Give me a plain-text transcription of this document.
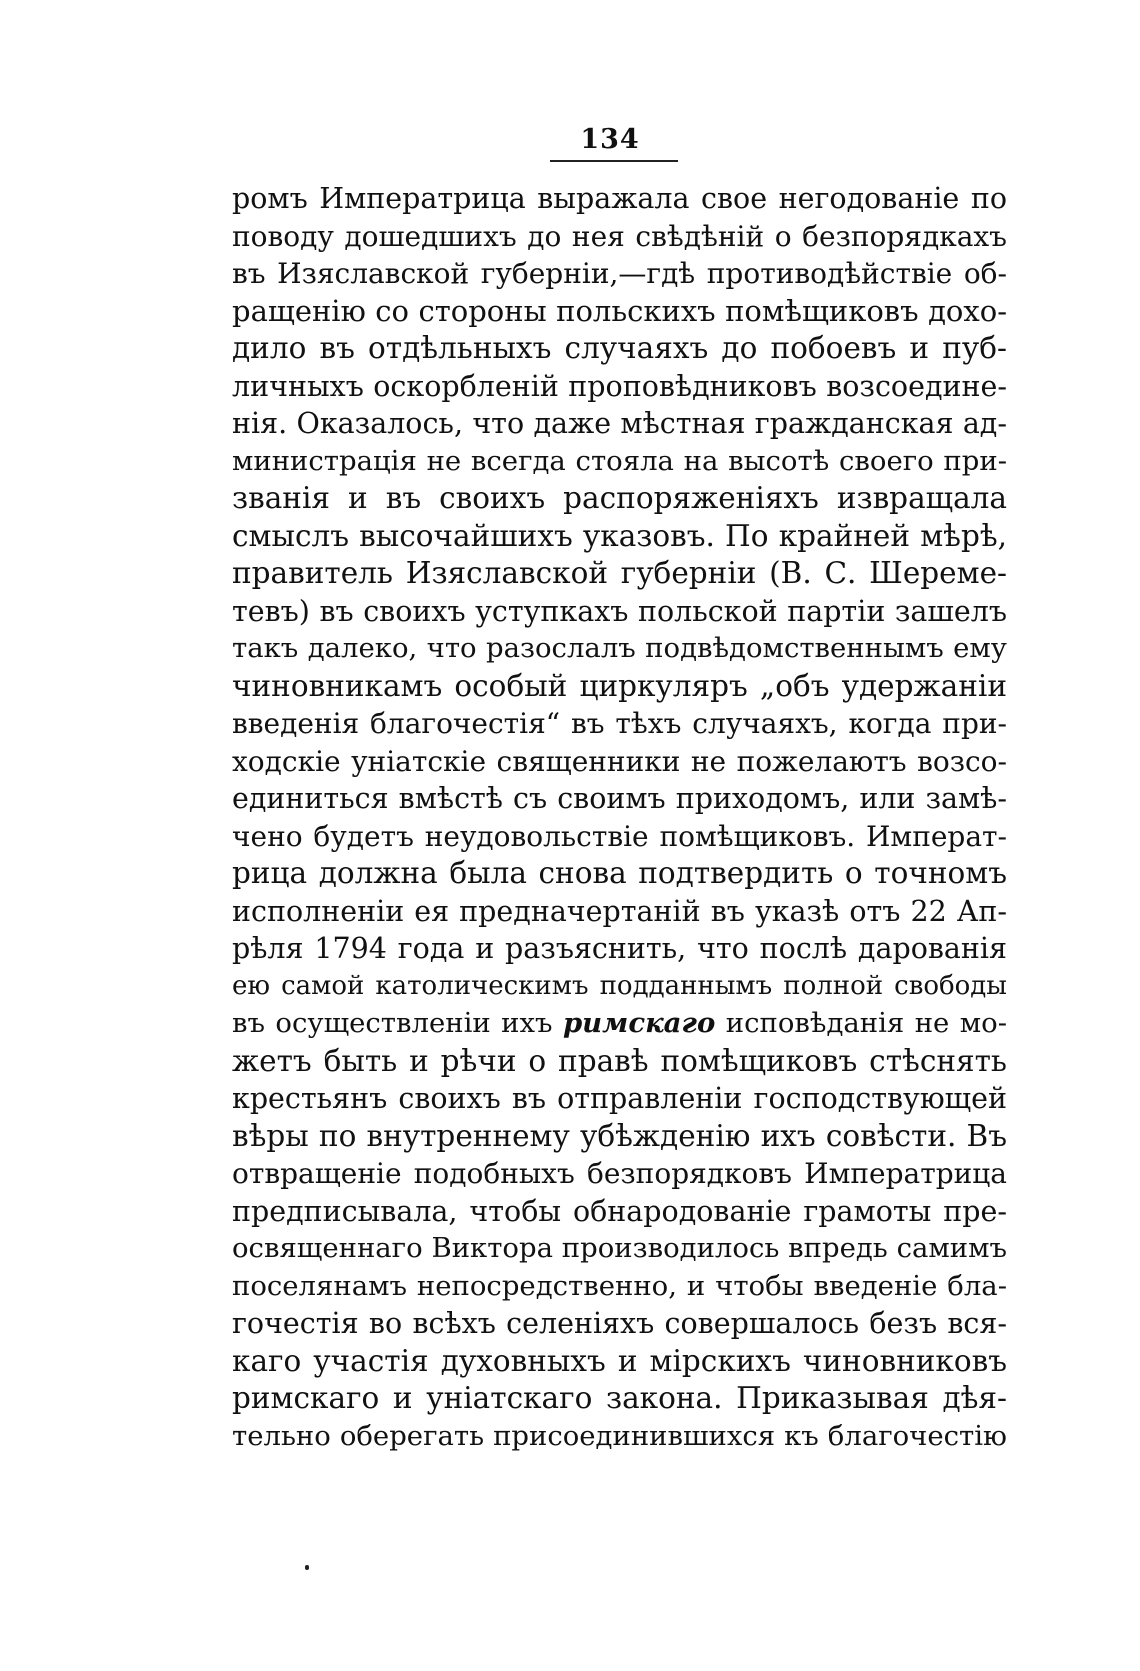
134
ромъ Императрица выражала свое негодованіе по
поводу дошедшихъ до нея свѣдѣній о безпорядкахъ
въ Изяславской губерніи,—гдѣ противодѣйствіе об-
ращенію со стороны польскихъ помѣщиковъ дохо-
дило въ отдѣльныхъ случаяхъ до побоевъ и пуб-
личныхъ оскорбленій проповѣдниковъ возсоедине-
нія. Оказалось, что даже мѣстная гражданская ад-
министрація не всегда стояла на высотѣ своего при-
званія и въ своихъ распоряженіяхъ извращала
смыслъ высочайшихъ указовъ. По крайней мѣрѣ,
правитель Изяславской губерніи (В. С. Шереме-
тевъ) въ своихъ уступкахъ польской партіи зашелъ
такъ далеко, что разослалъ подвѣдомственнымъ ему
чиновникамъ особый циркуляръ „объ удержаніи
введенія благочестія“ въ тѣхъ случаяхъ, когда при-
ходскіе уніатскіе священники не пожелаютъ возсо-
единиться вмѣстѣ съ своимъ приходомъ, или замѣ-
чено будетъ неудовольствіе помѣщиковъ. Императ-
рица должна была снова подтвердить о точномъ
исполненіи ея предначертаній въ указѣ отъ 22 Ап-
рѣля 1794 года и разъяснить, что послѣ дарованія
ею самой католическимъ подданнымъ полной свободы
въ осуществленіи ихъ римскаго исповѣданія не мо-
жетъ быть и рѣчи о правѣ помѣщиковъ стѣснять
крестьянъ своихъ въ отправленіи господствующей
вѣры по внутреннему убѣжденію ихъ совѣсти. Въ
отвращеніе подобныхъ безпорядковъ Императрица
предписывала, чтобы обнародованіе грамоты пре-
освященнаго Виктора производилось впредь самимъ
поселянамъ непосредственно, и чтобы введеніе бла-
гочестія во всѣхъ селеніяхъ совершалось безъ вся-
каго участія духовныхъ и мірскихъ чиновниковъ
римскаго и уніатскаго закона. Приказывая дѣя-
тельно оберегать присоединившихся къ благочестію
